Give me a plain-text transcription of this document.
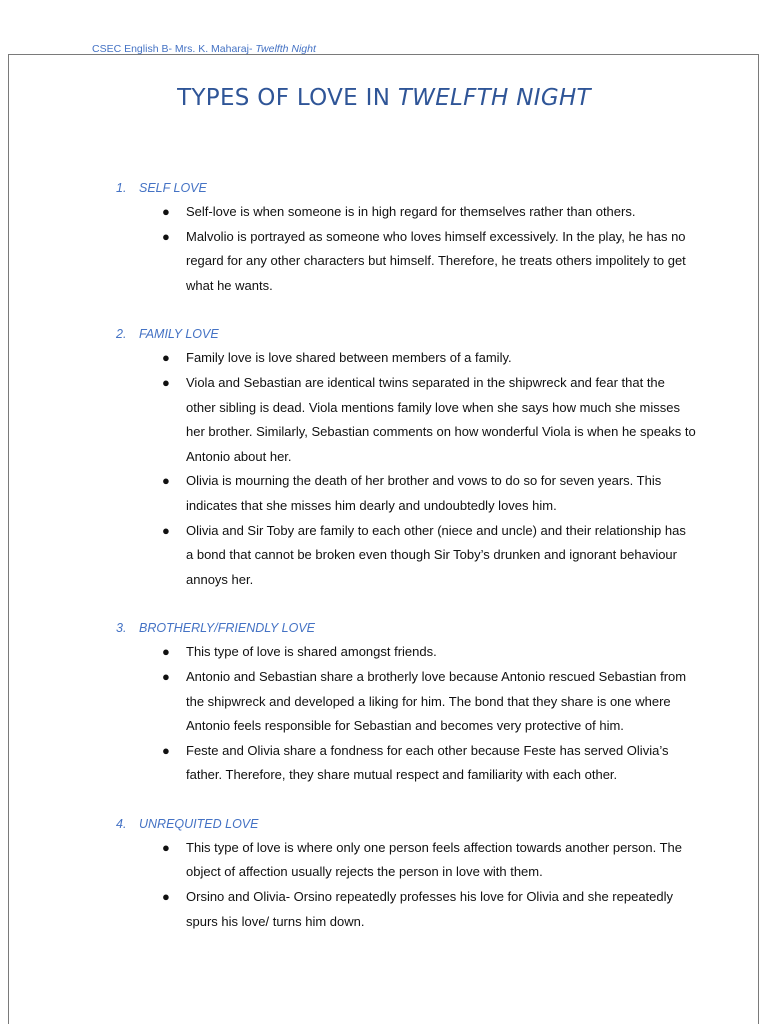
CSEC English B- Mrs. K. Maharaj- Twelfth Night
TYPES OF LOVE IN TWELFTH NIGHT
1.	SELF LOVE
● Self-love is when someone is in high regard for themselves rather than others.
● Malvolio is portrayed as someone who loves himself excessively. In the play, he has no regard for any other characters but himself. Therefore, he treats others impolitely to get what he wants.
2.	FAMILY LOVE
● Family love is love shared between members of a family.
● Viola and Sebastian are identical twins separated in the shipwreck and fear that the other sibling is dead. Viola mentions family love when she says how much she misses her brother. Similarly, Sebastian comments on how wonderful Viola is when he speaks to Antonio about her.
● Olivia is mourning the death of her brother and vows to do so for seven years. This indicates that she misses him dearly and undoubtedly loves him.
● Olivia and Sir Toby are family to each other (niece and uncle) and their relationship has a bond that cannot be broken even though Sir Toby’s drunken and ignorant behaviour annoys her.
3.	BROTHERLY/FRIENDLY LOVE
● This type of love is shared amongst friends.
● Antonio and Sebastian share a brotherly love because Antonio rescued Sebastian from the shipwreck and developed a liking for him. The bond that they share is one where Antonio feels responsible for Sebastian and becomes very protective of him.
● Feste and Olivia share a fondness for each other because Feste has served Olivia’s father. Therefore, they share mutual respect and familiarity with each other.
4.	UNREQUITED LOVE
● This type of love is where only one person feels affection towards another person. The object of affection usually rejects the person in love with them.
● Orsino and Olivia- Orsino repeatedly professes his love for Olivia and she repeatedly spurs his love/ turns him down.
